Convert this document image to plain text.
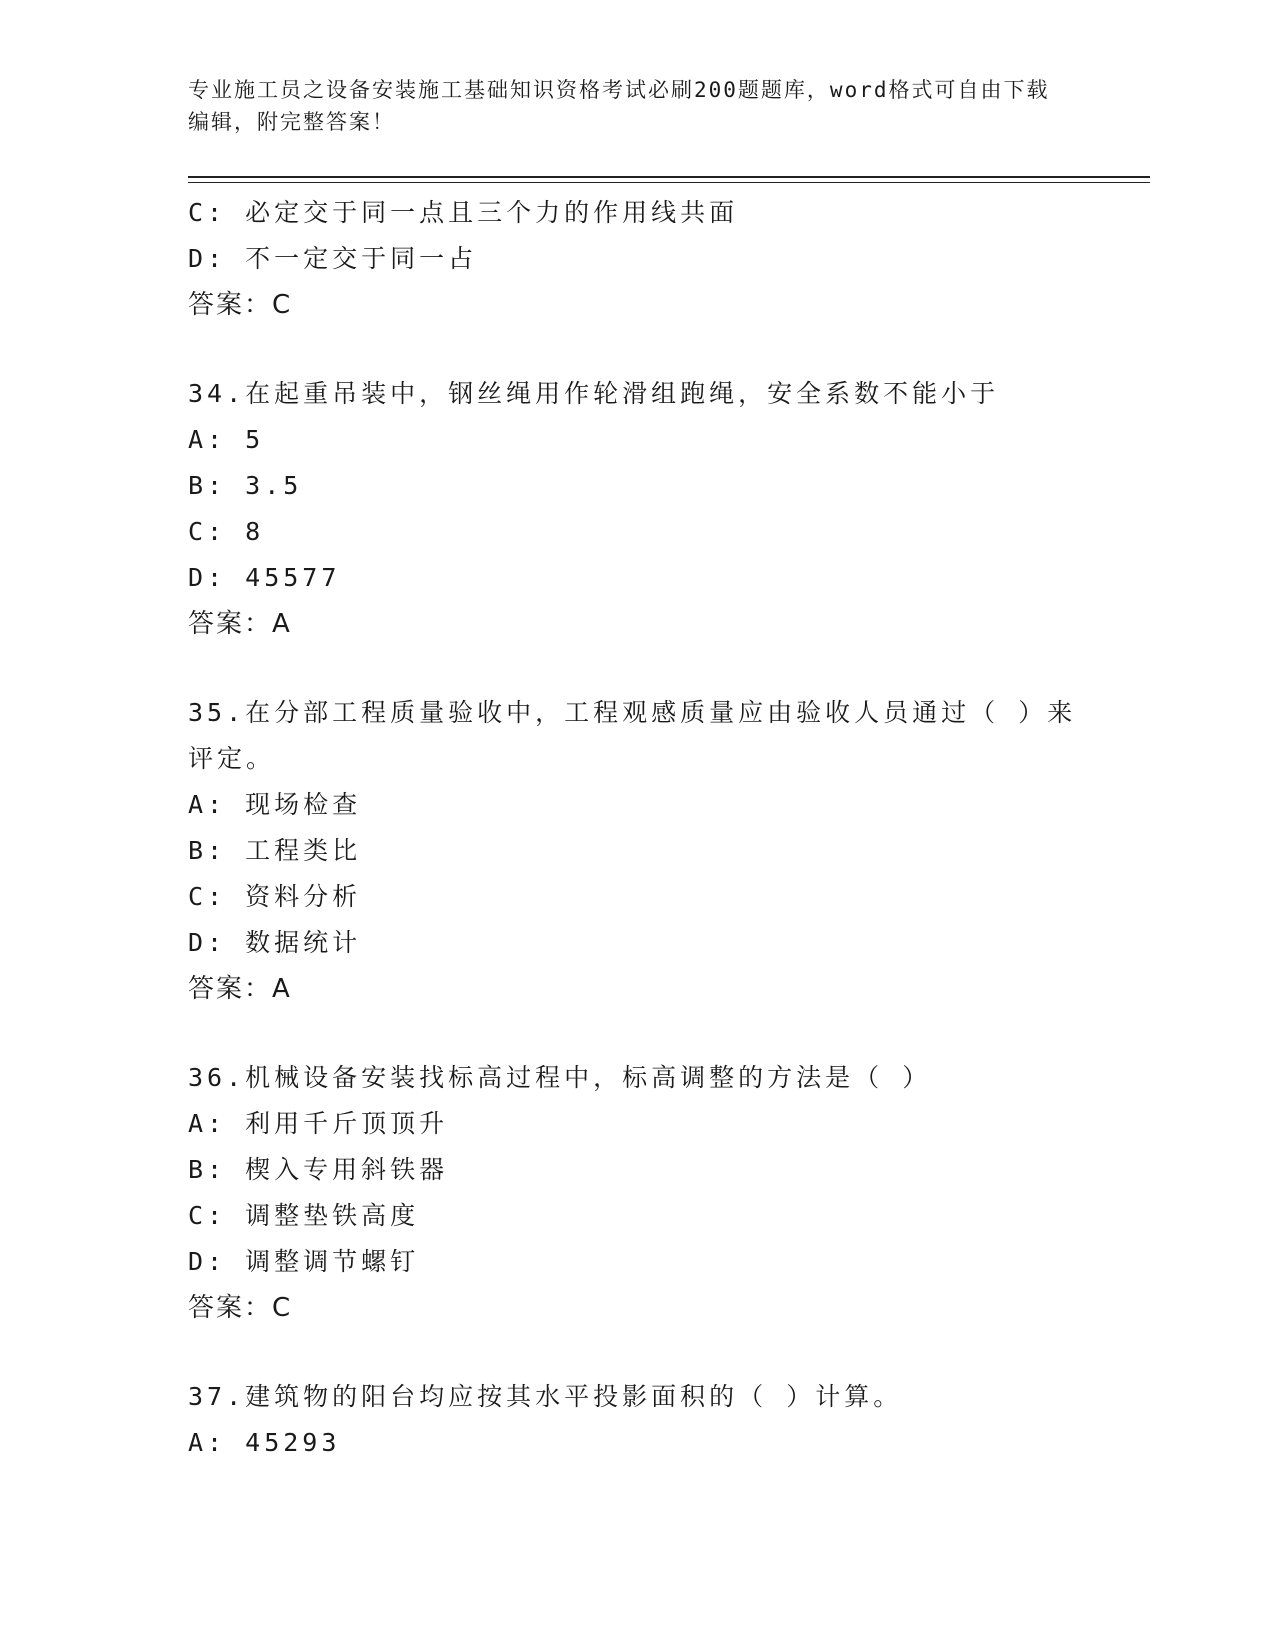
专业施工员之设备安装施工基础知识资格考试必刷200题题库，word格式可自由下载编辑，附完整答案！
C: 必定交于同一点且三个力的作用线共面
D: 不一定交于同一占
答案：C
34.在起重吊装中，钢丝绳用作轮滑组跑绳，安全系数不能小于
A: 5
B: 3.5
C: 8
D: 45577
答案：A
35.在分部工程质量验收中，工程观感质量应由验收人员通过（ ）来评定。
A: 现场检查
B: 工程类比
C: 资料分析
D: 数据统计
答案：A
36.机械设备安装找标高过程中，标高调整的方法是（ ）
A: 利用千斤顶顶升
B: 楔入专用斜铁器
C: 调整垫铁高度
D: 调整调节螺钉
答案：C
37.建筑物的阳台均应按其水平投影面积的（ ）计算。
A: 45293
